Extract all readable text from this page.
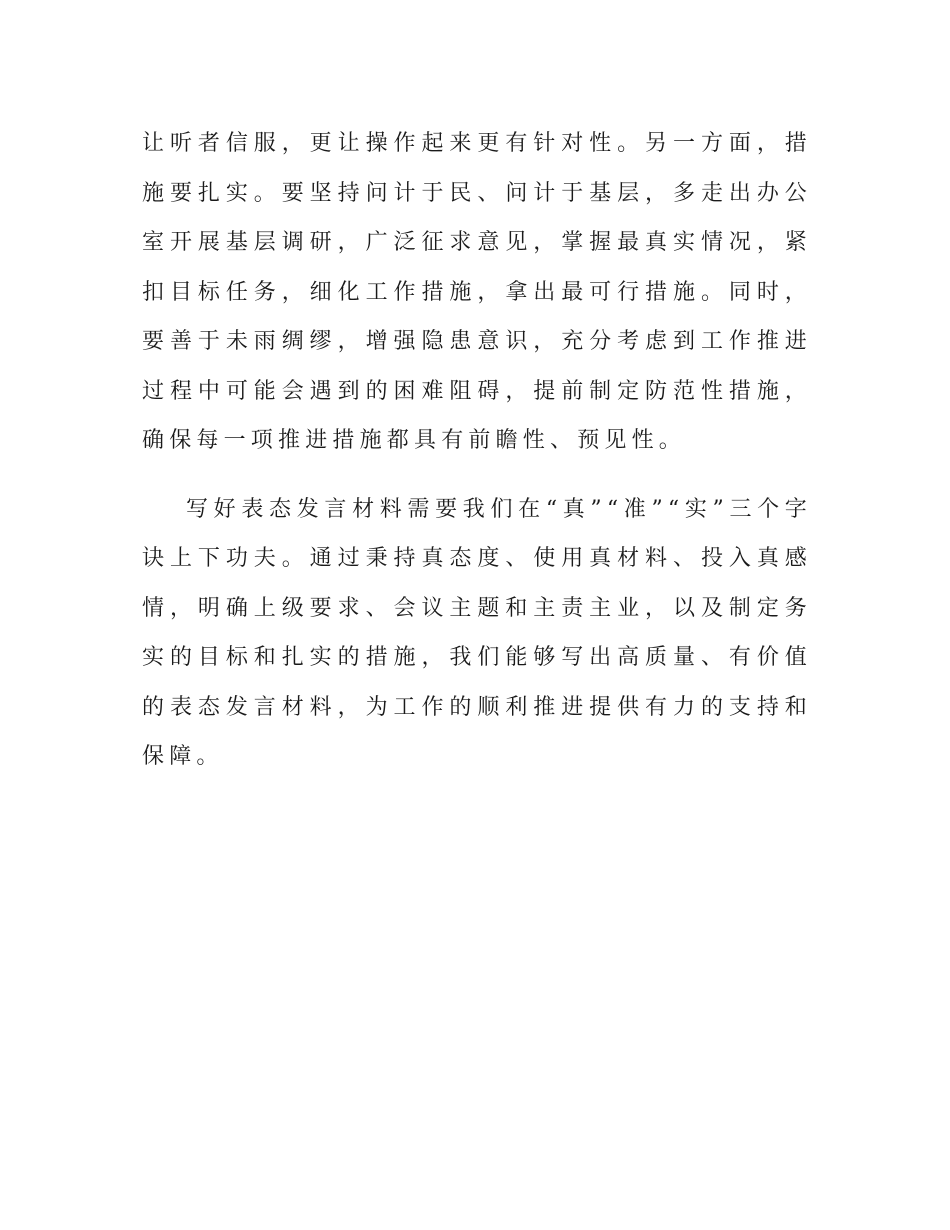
让听者信服，更让操作起来更有针对性。另一方面，措施要扎实。要坚持问计于民、问计于基层，多走出办公室开展基层调研，广泛征求意见，掌握最真实情况，紧扣目标任务，细化工作措施，拿出最可行措施。同时，要善于未雨绸缪，增强隐患意识，充分考虑到工作推进过程中可能会遇到的困难阻碍，提前制定防范性措施，确保每一项推进措施都具有前瞻性、预见性。

写好表态发言材料需要我们在“真”“准”“实”三个字诀上下功夫。通过秉持真态度、使用真材料、投入真感情，明确上级要求、会议主题和主责主业，以及制定务实的目标和扎实的措施，我们能够写出高质量、有价值的表态发言材料，为工作的顺利推进提供有力的支持和保障。
